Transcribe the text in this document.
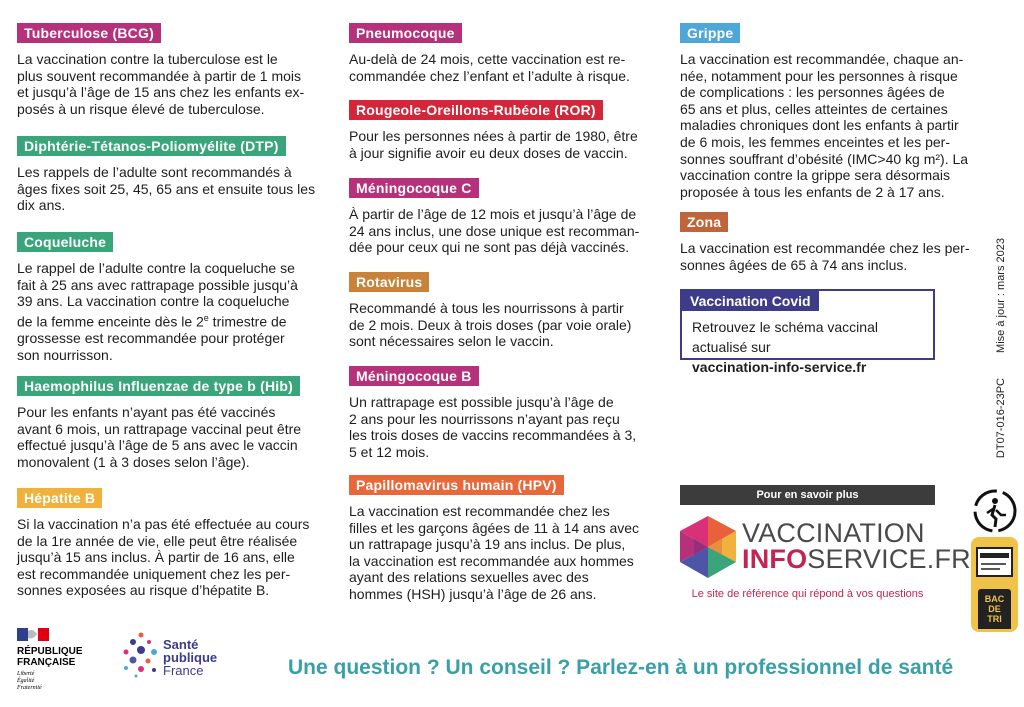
Tuberculose (BCG)
La vaccination contre la tuberculose est le
plus souvent recommandée à partir de 1 mois
et jusqu’à l’âge de 15 ans chez les enfants ex-
posés à un risque élevé de tuberculose.
Diphtérie-Tétanos-Poliomyélite (DTP)
Les rappels de l’adulte sont recommandés à
âges fixes soit 25, 45, 65 ans et ensuite tous les
dix ans.
Coqueluche
Le rappel de l’adulte contre la coqueluche se
fait à 25 ans avec rattrapage possible jusqu’à
39 ans. La vaccination contre la coqueluche
de la femme enceinte dès le 2e trimestre de
grossesse est recommandée pour protéger
son nourrisson.
Haemophilus Influenzae de type b (Hib)
Pour les enfants n’ayant pas été vaccinés
avant 6 mois, un rattrapage vaccinal peut être
effectué jusqu’à l’âge de 5 ans avec le vaccin
monovalent (1 à 3 doses selon l’âge).
Hépatite B
Si la vaccination n’a pas été effectuée au cours
de la 1re année de vie, elle peut être réalisée
jusqu’à 15 ans inclus. À partir de 16 ans, elle
est recommandée uniquement chez les per-
sonnes exposées au risque d’hépatite B.
Pneumocoque
Au-delà de 24 mois, cette vaccination est re-
commandée chez l’enfant et l’adulte à risque.
Rougeole-Oreillons-Rubéole (ROR)
Pour les personnes nées à partir de 1980, être
à jour signifie avoir eu deux doses de vaccin.
Méningocoque C
À partir de l’âge de 12 mois et jusqu’à l’âge de
24 ans inclus, une dose unique est recomman-
dée pour ceux qui ne sont pas déjà vaccinés.
Rotavirus
Recommandé à tous les nourrissons à partir
de 2 mois. Deux à trois doses (par voie orale)
sont nécessaires selon le vaccin.
Méningocoque B
Un rattrapage est possible jusqu’à l’âge de
2 ans pour les nourrissons n’ayant pas reçu
les trois doses de vaccins recommandées à 3,
5 et 12 mois.
Papillomavirus humain (HPV)
La vaccination est recommandée chez les
filles et les garçons âgées de 11 à 14 ans avec
un rattrapage jusqu’à 19 ans inclus. De plus,
la vaccination est recommandée aux hommes
ayant des relations sexuelles avec des
hommes (HSH) jusqu’à l’âge de 26 ans.
Grippe
La vaccination est recommandée, chaque an-
née, notamment pour les personnes à risque
de complications : les personnes âgées de
65 ans et plus, celles atteintes de certaines
maladies chroniques dont les enfants à partir
de 6 mois, les femmes enceintes et les per-
sonnes souffrant d’obésité (IMC>40 kg m²). La
vaccination contre la grippe sera désormais
proposée à tous les enfants de 2 à 17 ans.
Zona
La vaccination est recommandée chez les per-
sonnes âgées de 65 à 74 ans inclus.
Vaccination Covid
Retrouvez le schéma vaccinal actualisé sur
vaccination-info-service.fr
Mise à jour : mars 2023
DT07-016-23PC
Pour en savoir plus
VACCINATION
INFOSERVICE.FR
Le site de référence qui répond à vos questions	BAC
DE
TRI
RÉPUBLIQUE
FRANÇAISE
Liberté
Égalité
Fraternité
Santé
publique
France	Une question ? Un conseil ? Parlez-en à un professionnel de santé
